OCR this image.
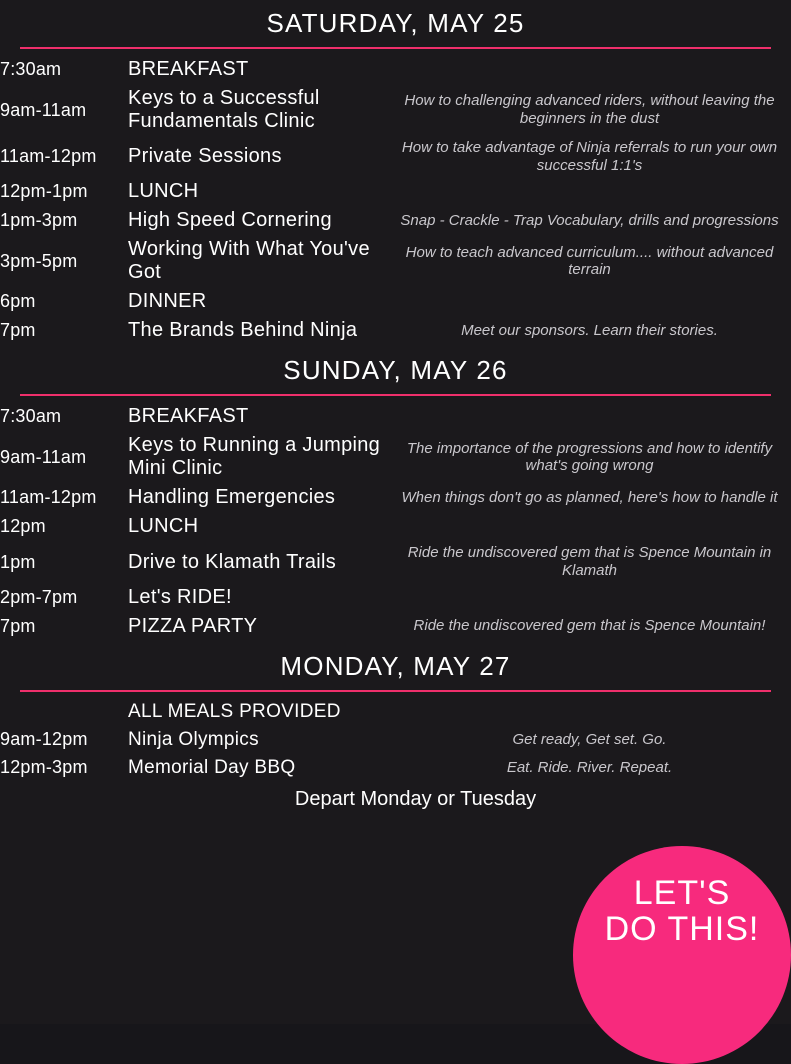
SATURDAY, MAY 25
7:30am	BREAKFAST	
9am-11am	Keys to a Successful Fundamentals Clinic	How to challenging advanced riders, without leaving the beginners in the dust
11am-12pm	Private Sessions	How to take advantage of Ninja referrals to run your own successful 1:1's
12pm-1pm	LUNCH	
1pm-3pm	High Speed Cornering	Snap - Crackle - Trap Vocabulary, drills and progressions
3pm-5pm	Working With What You've Got	How to teach advanced curriculum.... without advanced terrain
6pm	DINNER	
7pm	The Brands Behind Ninja	Meet our sponsors. Learn their stories.
SUNDAY, MAY 26
7:30am	BREAKFAST	
9am-11am	Keys to Running a Jumping Mini Clinic	The importance of the progressions and how to identify what's going wrong
11am-12pm	Handling Emergencies	When things don't go as planned, here's how to handle it
12pm	LUNCH	
1pm	Drive to Klamath Trails	Ride the undiscovered gem that is Spence Mountain in Klamath
2pm-7pm	Let's RIDE!	
7pm	PIZZA PARTY	Ride the undiscovered gem that is Spence Mountain!
MONDAY, MAY 27
	ALL MEALS PROVIDED	
9am-12pm	Ninja Olympics	Get ready, Get set. Go.
12pm-3pm	Memorial Day BBQ	Eat. Ride. River. Repeat.
Depart Monday or Tuesday
LET'S
DO THIS!
